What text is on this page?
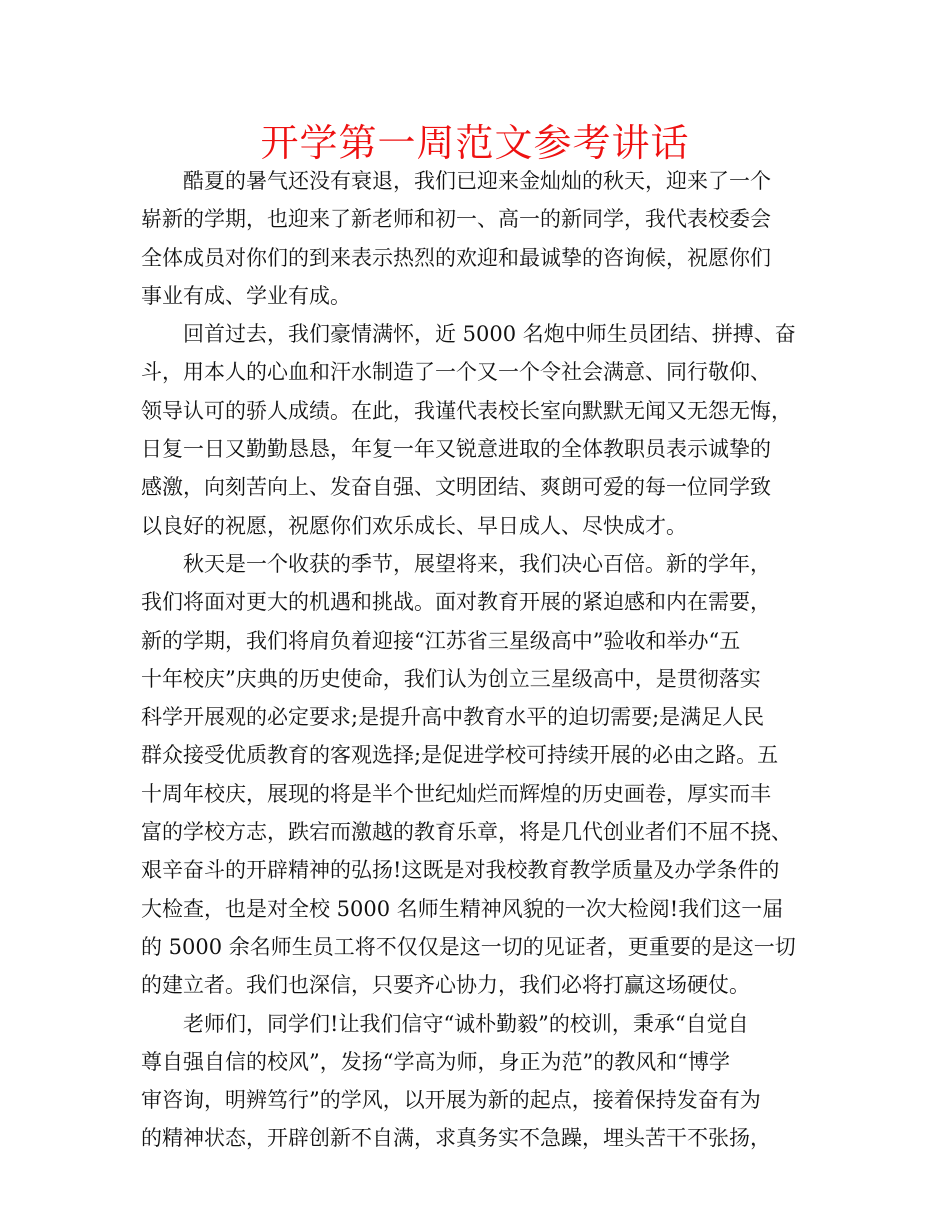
开学第一周范文参考讲话
酷夏的暑气还没有衰退，我们已迎来金灿灿的秋天，迎来了一个
崭新的学期，也迎来了新老师和初一、高一的新同学，我代表校委会
全体成员对你们的到来表示热烈的欢迎和最诚挚的咨询候，祝愿你们
事业有成、学业有成。
回首过去，我们豪情满怀，近 5000 名炮中师生员团结、拼搏、奋
斗，用本人的心血和汗水制造了一个又一个令社会满意、同行敬仰、
领导认可的骄人成绩。在此，我谨代表校长室向默默无闻又无怨无悔，
日复一日又勤勤恳恳，年复一年又锐意进取的全体教职员表示诚挚的
感激，向刻苦向上、发奋自强、文明团结、爽朗可爱的每一位同学致
以良好的祝愿，祝愿你们欢乐成长、早日成人、尽快成才。
秋天是一个收获的季节，展望将来，我们决心百倍。新的学年，
我们将面对更大的机遇和挑战。面对教育开展的紧迫感和内在需要，
新的学期，我们将肩负着迎接“江苏省三星级高中”验收和举办“五
十年校庆”庆典的历史使命，我们认为创立三星级高中，是贯彻落实
科学开展观的必定要求;是提升高中教育水平的迫切需要;是满足人民
群众接受优质教育的客观选择;是促进学校可持续开展的必由之路。五
十周年校庆，展现的将是半个世纪灿烂而辉煌的历史画卷，厚实而丰
富的学校方志，跌宕而激越的教育乐章，将是几代创业者们不屈不挠、
艰辛奋斗的开辟精神的弘扬!这既是对我校教育教学质量及办学条件的
大检查，也是对全校 5000 名师生精神风貌的一次大检阅!我们这一届
的 5000 余名师生员工将不仅仅是这一切的见证者，更重要的是这一切
的建立者。我们也深信，只要齐心协力，我们必将打赢这场硬仗。
老师们，同学们!让我们信守“诚朴勤毅”的校训，秉承“自觉自
尊自强自信的校风”，发扬“学高为师，身正为范”的教风和“博学
审咨询，明辨笃行”的学风，以开展为新的起点，接着保持发奋有为
的精神状态，开辟创新不自满，求真务实不急躁，埋头苦干不张扬，
